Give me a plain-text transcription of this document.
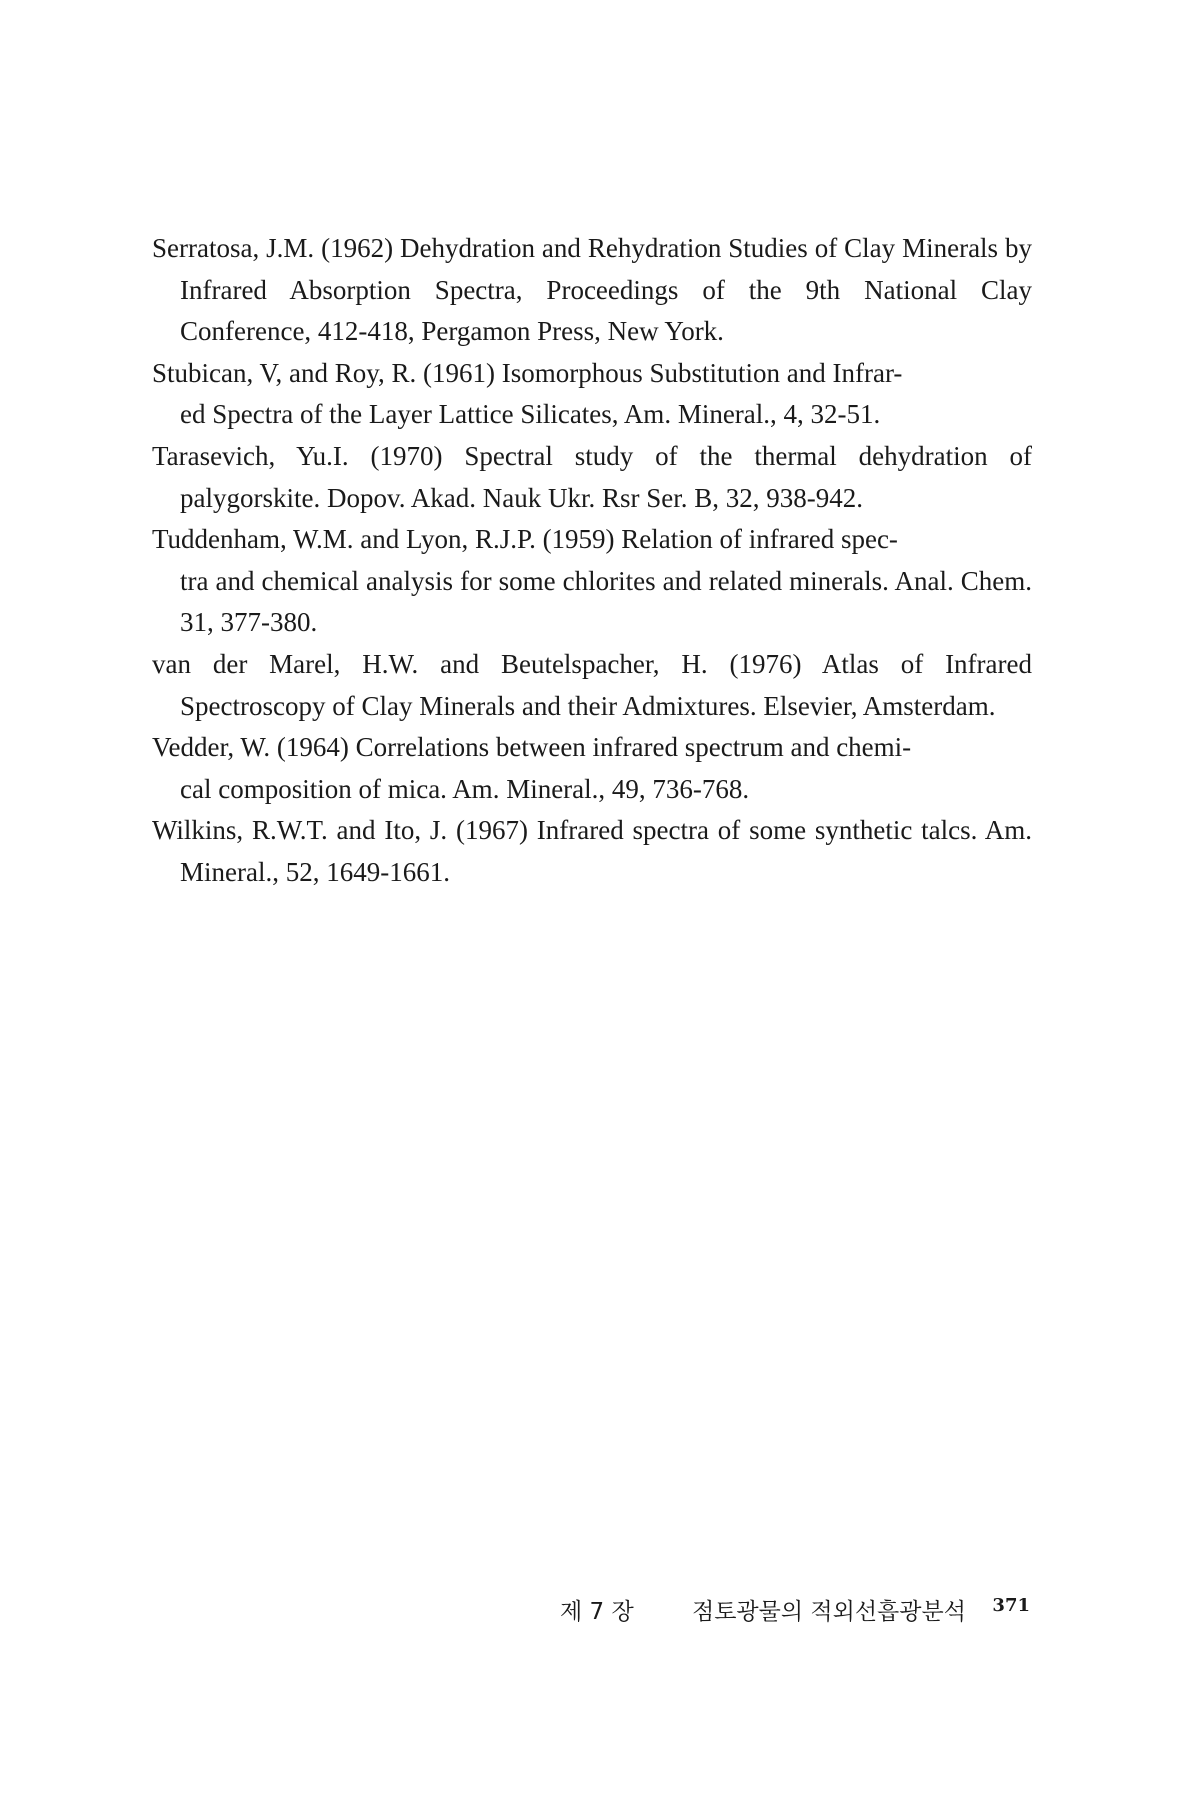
Serratosa, J.M. (1962) Dehydration and Rehydration Studies of Clay Minerals by Infrared Absorption Spectra, Proceedings of the 9th National Clay Conference, 412-418, Pergamon Press, New York.
Stubican, V, and Roy, R. (1961) Isomorphous Substitution and Infrar-
ed Spectra of the Layer Lattice Silicates, Am. Mineral., 4, 32-51.
Tarasevich, Yu.I. (1970) Spectral study of the thermal dehydration of palygorskite. Dopov. Akad. Nauk Ukr. Rsr Ser. B, 32, 938-942.
Tuddenham, W.M. and Lyon, R.J.P. (1959) Relation of infrared spec-
tra and chemical analysis for some chlorites and related minerals. Anal. Chem. 31, 377-380.
van der Marel, H.W. and Beutelspacher, H. (1976) Atlas of Infrared Spectroscopy of Clay Minerals and their Admixtures. Elsevier, Amsterdam.
Vedder, W. (1964) Correlations between infrared spectrum and chemi-
cal composition of mica. Am. Mineral., 49, 736-768.
Wilkins, R.W.T. and Ito, J. (1967) Infrared spectra of some synthetic talcs. Am. Mineral., 52, 1649-1661.
제 7 장	점토광물의 적외선흡광분석 371
